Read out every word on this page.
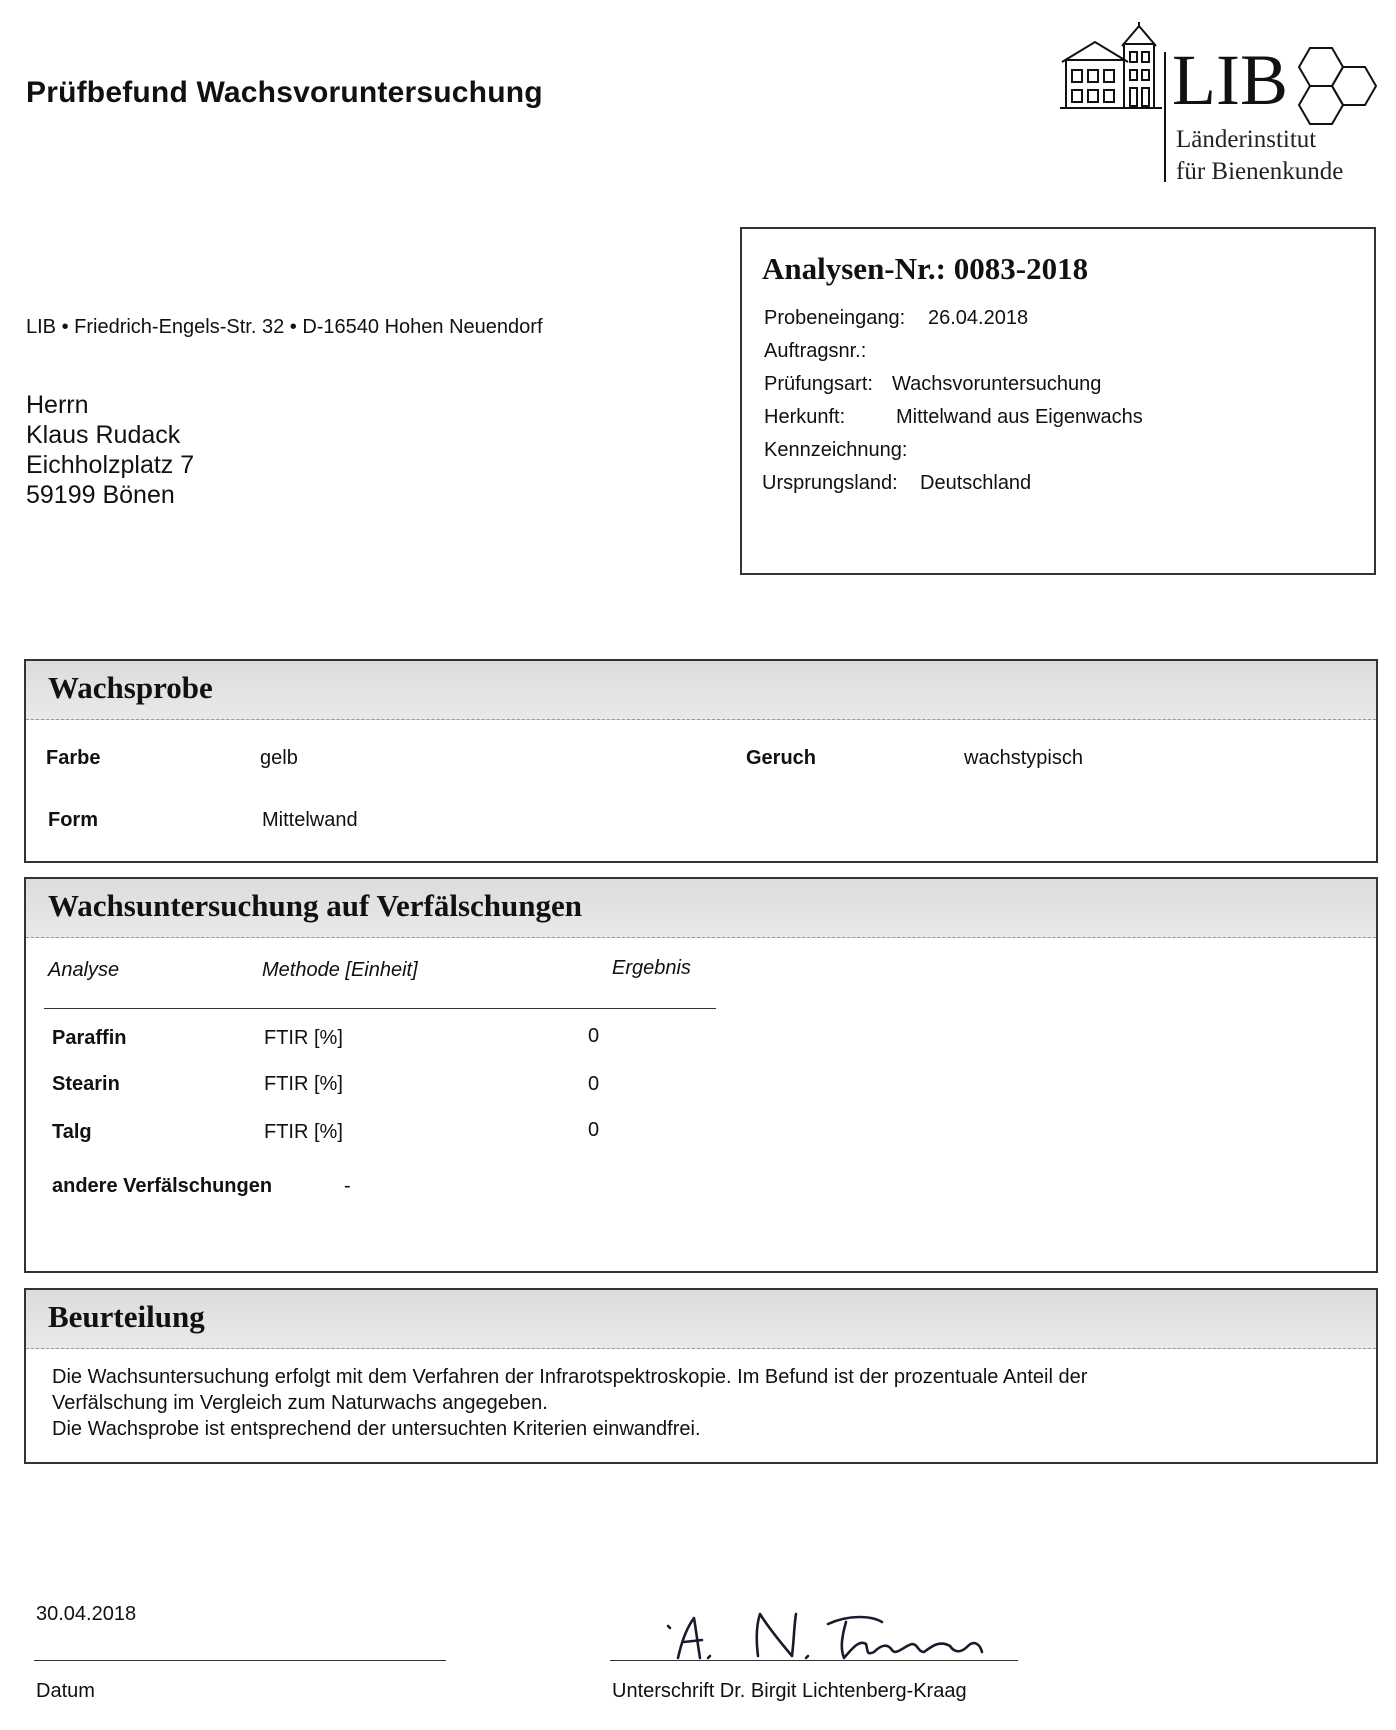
Prüfbefund Wachsvoruntersuchung
LIB • Friedrich-Engels-Str. 32 • D-16540 Hohen Neuendorf
Herrn
Klaus Rudack
Eichholzplatz 7
59199 Bönen
LIB
Länderinstitut
für Bienenkunde
Analysen-Nr.: 0083-2018
Probeneingang: 26.04.2018
Auftragsnr.:
Prüfungsart: Wachsvoruntersuchung
Herkunft:	Mittelwand aus Eigenwachs
Kennzeichnung:
Ursprungsland: Deutschland
Wachsprobe
Farbe	gelb	Geruch	wachstypisch
Form	Mittelwand
Wachsuntersuchung auf Verfälschungen
Analyse	Methode [Einheit]	Ergebnis
Paraffin	FTIR [%]	0
Stearin	FTIR [%]	0
Talg	FTIR [%]	0
andere Verfälschungen	-
Beurteilung
Die Wachsuntersuchung erfolgt mit dem Verfahren der Infrarotspektroskopie. Im Befund ist der prozentuale Anteil der
Verfälschung im Vergleich zum Naturwachs angegeben.
Die Wachsprobe ist entsprechend der untersuchten Kriterien einwandfrei.
30.04.2018
Datum	Unterschrift Dr. Birgit Lichtenberg-Kraag
